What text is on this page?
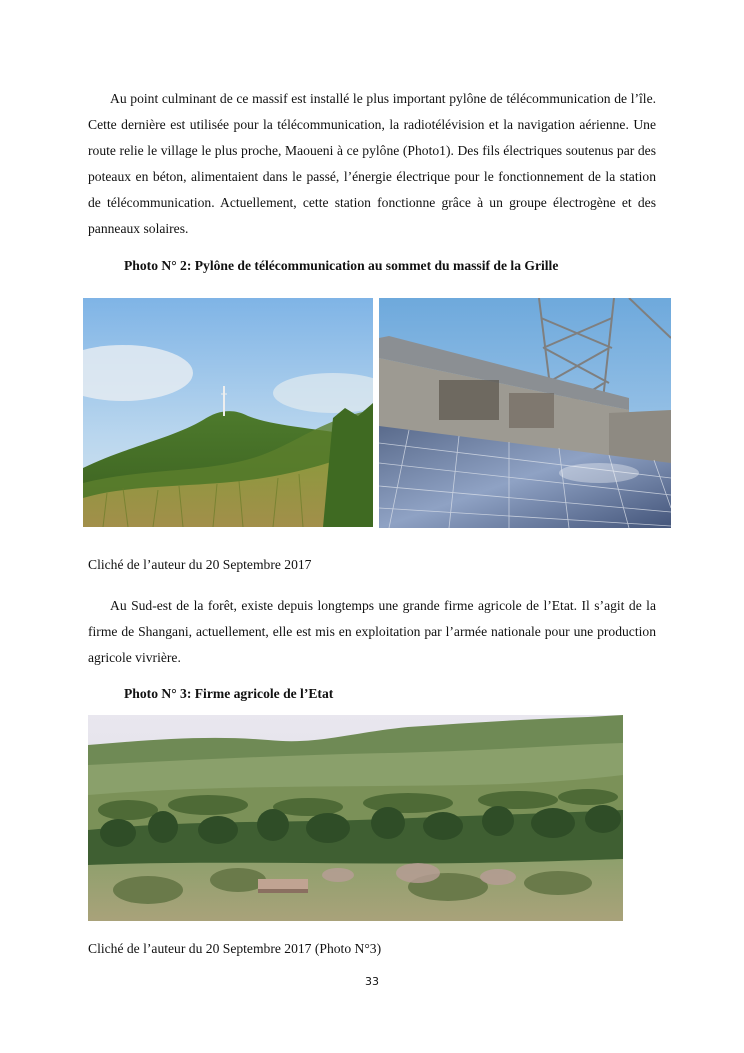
Au point culminant de ce massif est installé le plus important pylône de télécommunication de l’île. Cette dernière est utilisée pour la télécommunication, la radiotélévision et la navigation aérienne. Une route relie le village le plus proche, Maoueni à ce pylône (Photo1). Des fils électriques soutenus par des poteaux en béton, alimentaient dans le passé, l’énergie électrique pour le fonctionnement de la station de télécommunication. Actuellement, cette station fonctionne grâce à un groupe électrogène et des panneaux solaires.

Photo N° 2: Pylône de télécommunication au sommet du massif de la Grille

Cliché de l’auteur du 20 Septembre 2017

Au Sud-est de la forêt, existe depuis longtemps une grande firme agricole de l’Etat. Il s’agit de la firme de Shangani, actuellement, elle est mis en exploitation par l’armée nationale pour une production agricole vivrière.

Photo N° 3: Firme agricole de l’Etat

Cliché de l’auteur du 20 Septembre 2017 (Photo N°3)

33
